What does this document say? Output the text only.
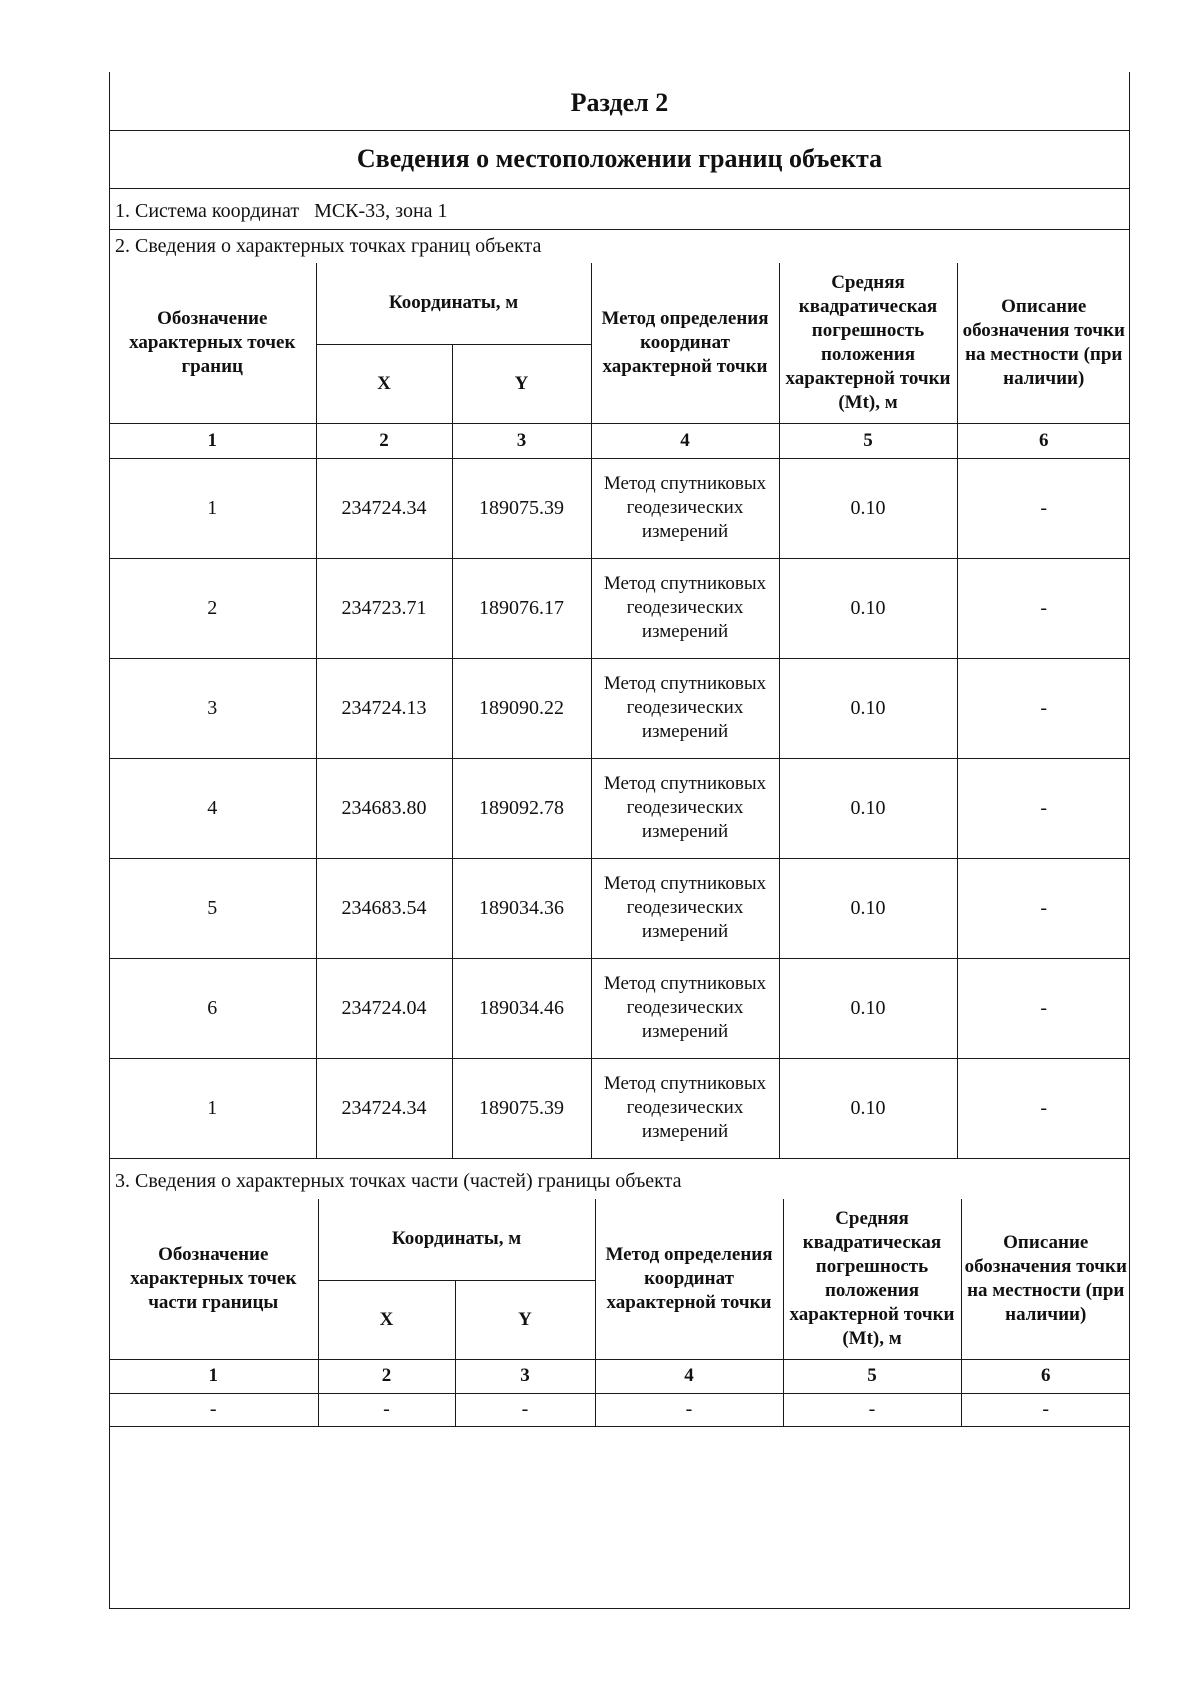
Раздел 2
Сведения о местоположении границ объекта
1. Система координат МСК-33, зона 1
2. Сведения о характерных точках границ объекта
Обозначение характерных точек границ	Координаты, м		Метод определения координат характерной точки	Средняя квадратическая погрешность положения характерной точки (Mt), м	Описание обозначения точки на местности (при наличии)
	X	Y			
1	2	3	4	5	6
1	234724.34	189075.39	Метод спутниковых геодезических измерений	0.10	-
2	234723.71	189076.17	Метод спутниковых геодезических измерений	0.10	-
3	234724.13	189090.22	Метод спутниковых геодезических измерений	0.10	-
4	234683.80	189092.78	Метод спутниковых геодезических измерений	0.10	-
5	234683.54	189034.36	Метод спутниковых геодезических измерений	0.10	-
6	234724.04	189034.46	Метод спутниковых геодезических измерений	0.10	-
1	234724.34	189075.39	Метод спутниковых геодезических измерений	0.10	-
3. Сведения о характерных точках части (частей) границы объекта
Обозначение характерных точек части границы	Координаты, м		Метод определения координат характерной точки	Средняя квадратическая погрешность положения характерной точки (Mt), м	Описание обозначения точки на местности (при наличии)
	X	Y			
1	2	3	4	5	6
-	-	-	-	-	-
